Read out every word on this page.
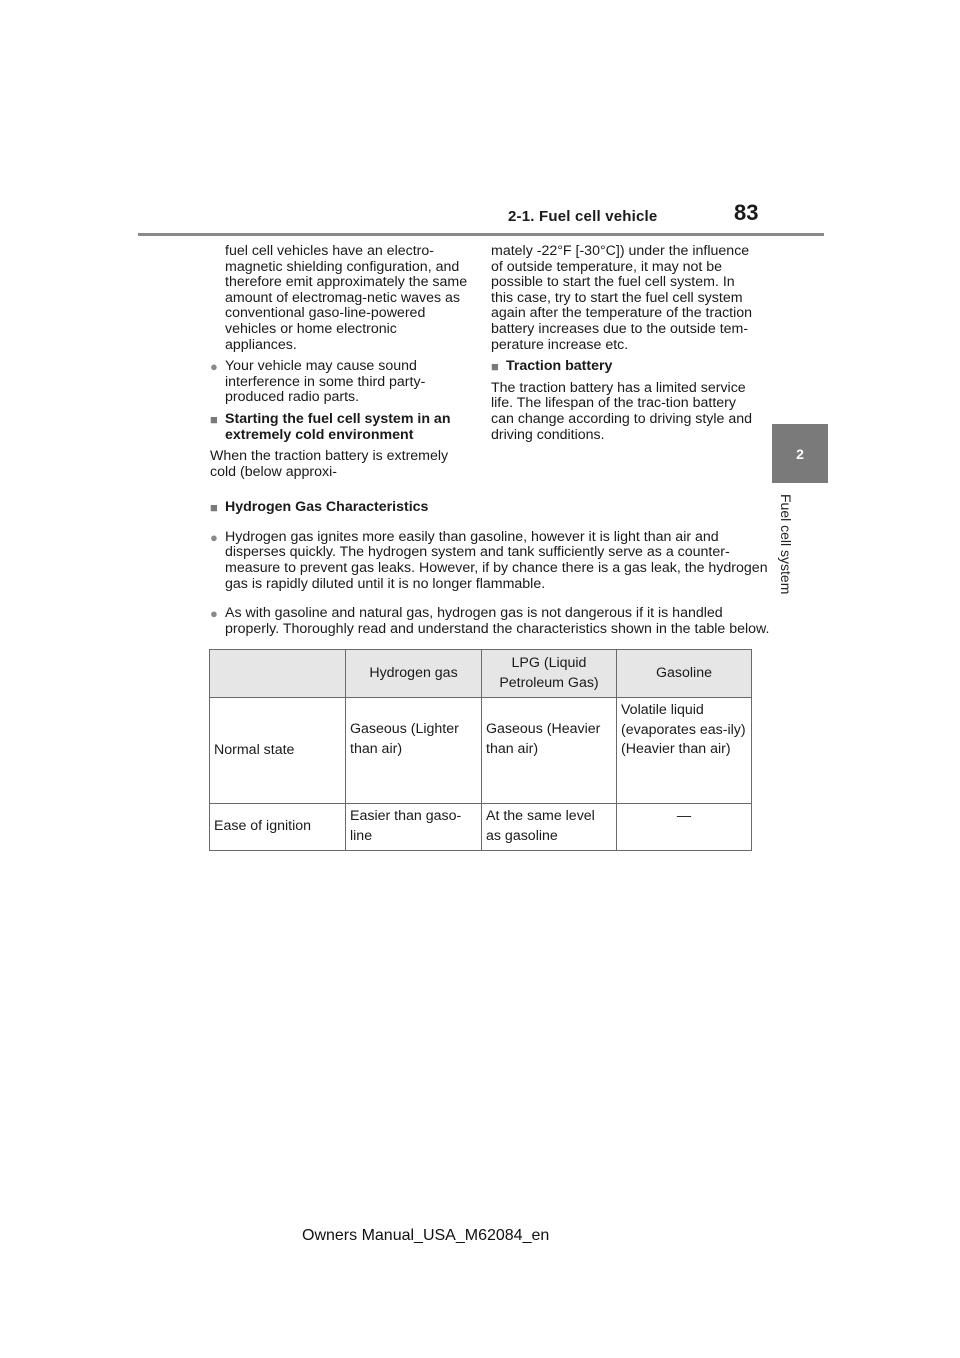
2-1. Fuel cell vehicle	83
2
Fuel cell system

fuel cell vehicles have an electro-magnetic shielding configuration, and therefore emit approximately the same amount of electromag-netic waves as conventional gaso-line-powered vehicles or home electronic appliances.

● Your vehicle may cause sound interference in some third party-produced radio parts.

■ Starting the fuel cell system in an extremely cold environment

When the traction battery is extremely cold (below approxi-

mately -22°F [-30°C]) under the influence of outside temperature, it may not be possible to start the fuel cell system. In this case, try to start the fuel cell system again after the temperature of the traction battery increases due to the outside tem-perature increase etc.

■ Traction battery

The traction battery has a limited service life. The lifespan of the trac-tion battery can change according to driving style and driving conditions.

■ Hydrogen Gas Characteristics

● Hydrogen gas ignites more easily than gasoline, however it is light than air and disperses quickly. The hydrogen system and tank sufficiently serve as a counter-measure to prevent gas leaks. However, if by chance there is a gas leak, the hydrogen gas is rapidly diluted until it is no longer flammable.

● As with gasoline and natural gas, hydrogen gas is not dangerous if it is handled properly. Thoroughly read and understand the characteristics shown in the table below.

	Hydrogen gas	LPG (Liquid Petroleum Gas)	Gasoline
Normal state	Gaseous (Lighter than air)	Gaseous (Heavier than air)	Volatile liquid (evaporates eas-ily) (Heavier than air)
Ease of ignition	Easier than gaso-line	At the same level as gasoline	—
Owners Manual_USA_M62084_en
